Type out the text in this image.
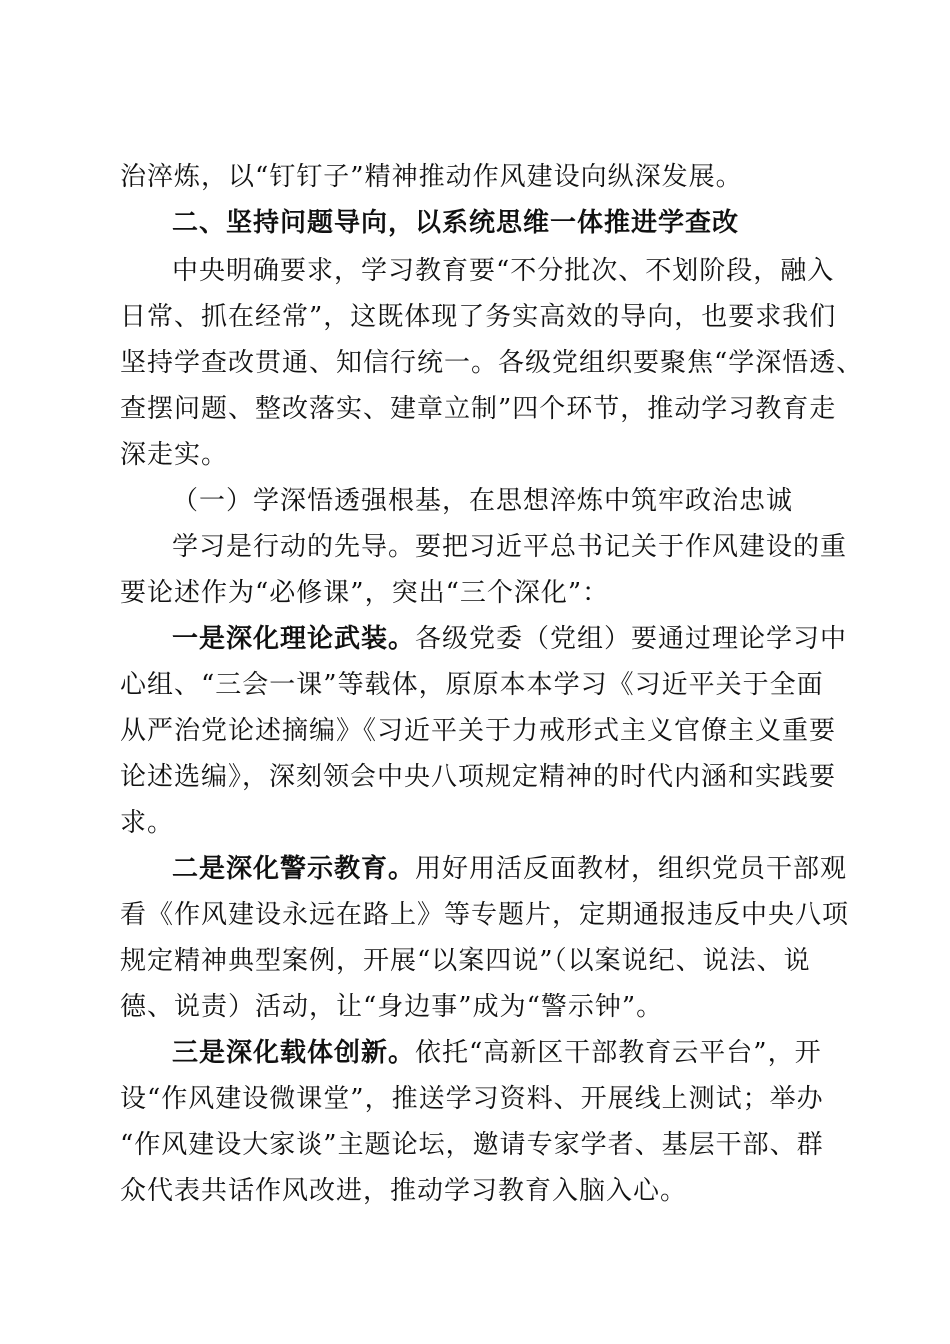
治淬炼，以“钉钉子”精神推动作风建设向纵深发展。
二、坚持问题导向，以系统思维一体推进学查改
中央明确要求，学习教育要“不分批次、不划阶段，融入
日常、抓在经常”，这既体现了务实高效的导向，也要求我们
坚持学查改贯通、知信行统一。各级党组织要聚焦“学深悟透、
查摆问题、整改落实、建章立制”四个环节，推动学习教育走
深走实。
（一）学深悟透强根基，在思想淬炼中筑牢政治忠诚
学习是行动的先导。要把习近平总书记关于作风建设的重
要论述作为“必修课”，突出“三个深化”：
一是深化理论武装。各级党委（党组）要通过理论学习中
心组、“三会一课”等载体，原原本本学习《习近平关于全面
从严治党论述摘编》《习近平关于力戒形式主义官僚主义重要
论述选编》，深刻领会中央八项规定精神的时代内涵和实践要
求。
二是深化警示教育。用好用活反面教材，组织党员干部观
看《作风建设永远在路上》等专题片，定期通报违反中央八项
规定精神典型案例，开展“以案四说”（以案说纪、说法、说
德、说责）活动，让“身边事”成为“警示钟”。
三是深化载体创新。依托“高新区干部教育云平台”，开
设“作风建设微课堂”，推送学习资料、开展线上测试；举办
“作风建设大家谈”主题论坛，邀请专家学者、基层干部、群
众代表共话作风改进，推动学习教育入脑入心。
